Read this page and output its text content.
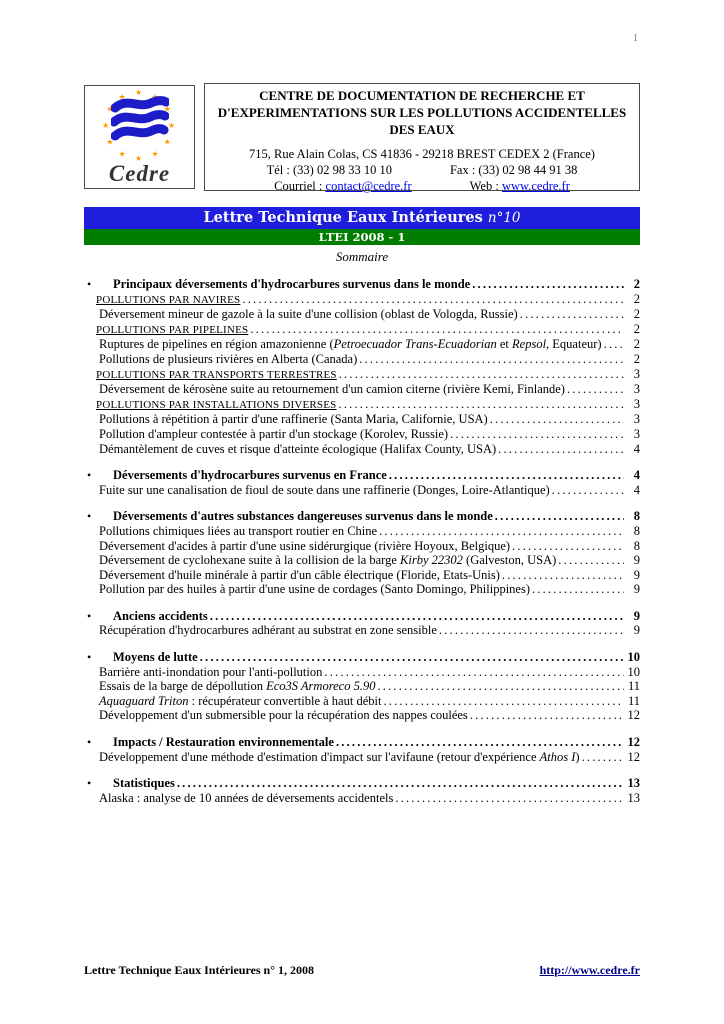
1
★ ★
★
★
★
★
★
★
★
★
★
★
Cedre
CENTRE DE DOCUMENTATION DE RECHERCHE ET D'EXPERIMENTATIONS SUR LES POLLUTIONS ACCIDENTELLES DES EAUX
715, Rue Alain Colas, CS 41836 - 29218 BREST CEDEX 2 (France)
Tél : (33) 02 98 33 10 10	Fax : (33) 02 98 44 91 38
Courriel : contact@cedre.fr	Web : www.cedre.fr
Lettre Technique Eaux Intérieures n°10
LTEI 2008 - 1
Sommaire
• Principaux déversements d'hydrocarbures survenus dans le monde .....	2
POLLUTIONS PAR NAVIRES .....	2
Déversement mineur de gazole à la suite d'une collision (oblast de Vologda, Russie) .....	2
POLLUTIONS PAR PIPELINES .....	2
Ruptures de pipelines en région amazonienne (Petroecuador Trans-Ecuadorian et Repsol, Equateur) .....	2
Pollutions de plusieurs rivières en Alberta (Canada) .....	2
POLLUTIONS PAR TRANSPORTS TERRESTRES .....	3
Déversement de kérosène suite au retournement d'un camion citerne (rivière Kemi, Finlande) .....	3
POLLUTIONS PAR INSTALLATIONS DIVERSES .....	3
Pollutions à répétition à partir d'une raffinerie (Santa Maria, Californie, USA) .....	3
Pollution d'ampleur contestée à partir d'un stockage (Korolev, Russie) .....	3
Démantèlement de cuves et risque d'atteinte écologique (Halifax County, USA) .....	4
• Déversements d'hydrocarbures survenus en France .....	4
Fuite sur une canalisation de fioul de soute dans une raffinerie (Donges, Loire-Atlantique) .....	4
• Déversements d'autres substances dangereuses survenus dans le monde .....	8
Pollutions chimiques liées au transport routier en Chine .....	8
Déversement d'acides à partir d'une usine sidérurgique (rivière Hoyoux, Belgique) .....	8
Déversement de cyclohexane suite à la collision de la barge Kirby 22302 (Galveston, USA) .....	9
Déversement d'huile minérale à partir d'un câble électrique (Floride, Etats-Unis) .....	9
Pollution par des huiles à partir d'une usine de cordages (Santo Domingo, Philippines) .....	9
• Anciens accidents .....	9
Récupération d'hydrocarbures adhérant au substrat en zone sensible .....	9
• Moyens de lutte .....	10
Barrière anti-inondation pour l'anti-pollution .....	10
Essais de la barge de dépollution Eco3S Armoreco 5.90 .....	11
Aquaguard Triton : récupérateur convertible à haut débit .....	11
Développement d'un submersible pour la récupération des nappes coulées .....	12
• Impacts / Restauration environnementale .....	12
Développement d'une méthode d'estimation d'impact sur l'avifaune (retour d'expérience Athos I) .....	12
• Statistiques .....	13
Alaska : analyse de 10 années de déversements accidentels .....	13
Lettre Technique Eaux Intérieures n° 1, 2008	http://www.cedre.fr
